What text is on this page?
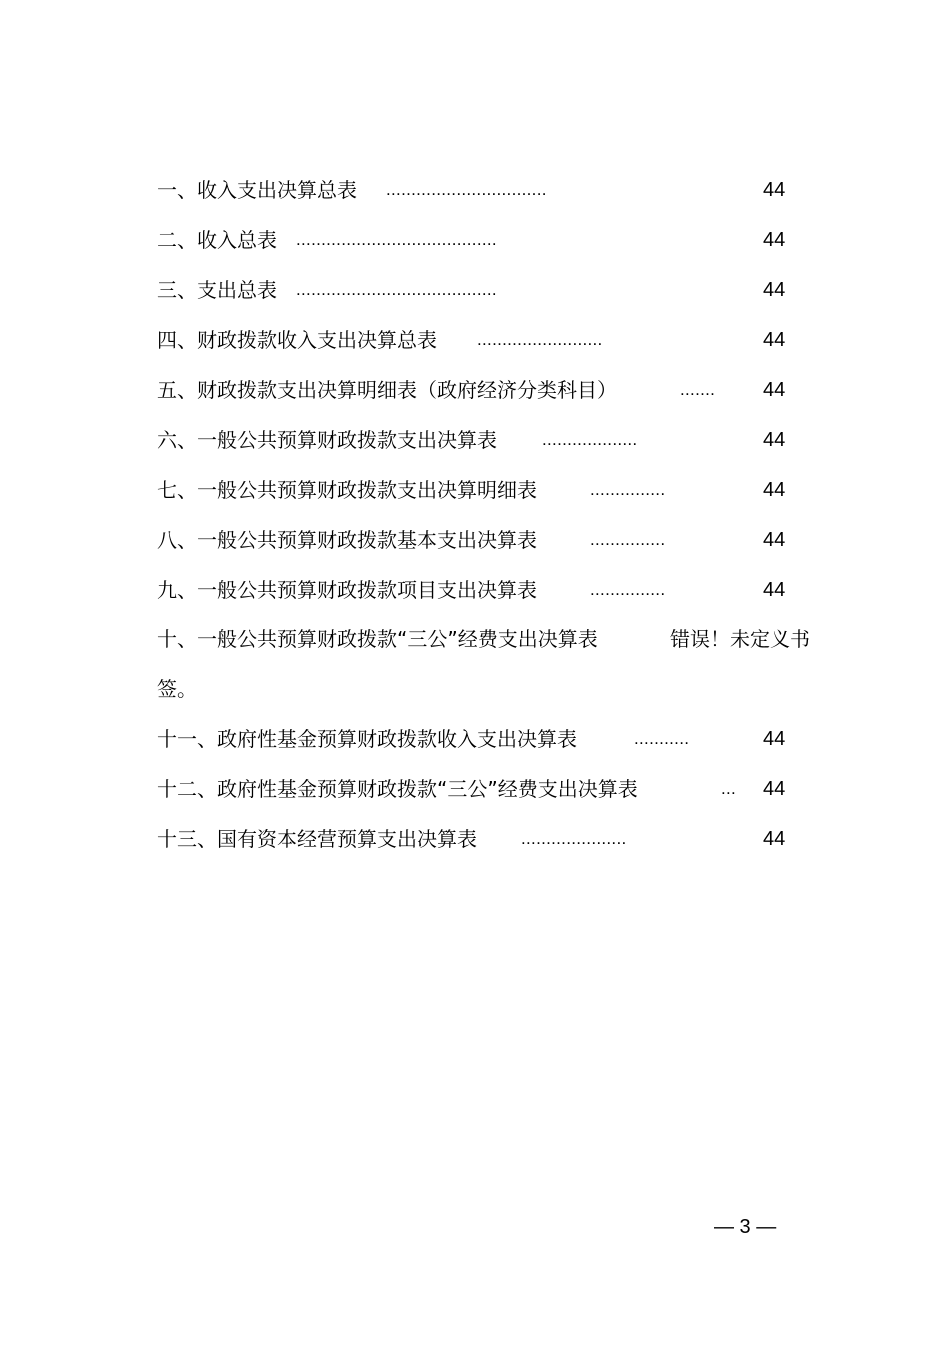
一、收入支出决算总表 ................................	44
二、收入总表 ........................................	44
三、支出总表 ........................................	44
四、财政拨款收入支出决算总表 .........................	44
五、财政拨款支出决算明细表（政府经济分类科目）	....... 44
六、一般公共预算财政拨款支出决算表	...................	44
七、一般公共预算财政拨款支出决算明细表	...............	44
八、一般公共预算财政拨款基本支出决算表	...............	44
九、一般公共预算财政拨款项目支出决算表	...............	44
十、一般公共预算财政拨款“三公”经费支出决算表	错误！未定义书
签。
十一、政府性基金预算财政拨款收入支出决算表	...........	44
十二、政府性基金预算财政拨款“三公”经费支出决算表	... 44
十三、国有资本经营预算支出决算表	.....................	44
— 3 —
